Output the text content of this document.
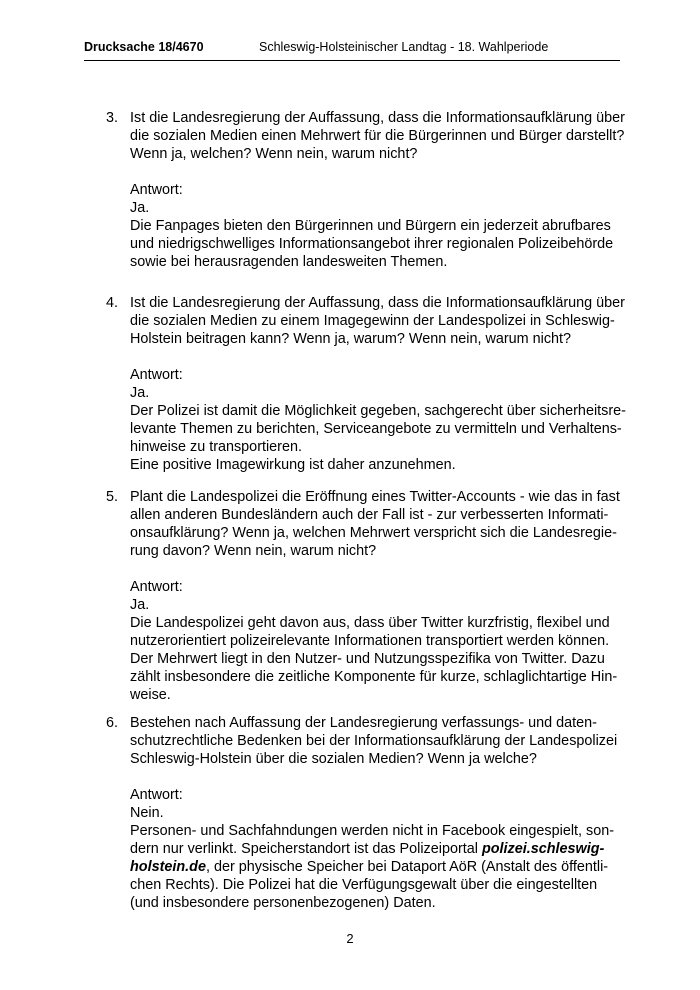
Drucksache 18/4670	Schleswig-Holsteinischer Landtag - 18. Wahlperiode
3. Ist die Landesregierung der Auffassung, dass die Informationsaufklärung über

die sozialen Medien einen Mehrwert für die Bürgerinnen und Bürger darstellt?

Wenn ja, welchen? Wenn nein, warum nicht?

Antwort:

Ja.

Die Fanpages bieten den Bürgerinnen und Bürgern ein jederzeit abrufbares

und niedrigschwelliges Informationsangebot ihrer regionalen Polizeibehörde

sowie bei herausragenden landesweiten Themen.

4. Ist die Landesregierung der Auffassung, dass die Informationsaufklärung über

die sozialen Medien zu einem Imagegewinn der Landespolizei in Schleswig-

Holstein beitragen kann? Wenn ja, warum? Wenn nein, warum nicht?

Antwort:

Ja.

Der Polizei ist damit die Möglichkeit gegeben, sachgerecht über sicherheitsre-

levante Themen zu berichten, Serviceangebote zu vermitteln und Verhaltens-

hinweise zu transportieren.

Eine positive Imagewirkung ist daher anzunehmen.

5. Plant die Landespolizei die Eröffnung eines Twitter-Accounts - wie das in fast

allen anderen Bundesländern auch der Fall ist - zur verbesserten Informati-

onsaufklärung? Wenn ja, welchen Mehrwert verspricht sich die Landesregie-

rung davon? Wenn nein, warum nicht?

Antwort:

Ja.

Die Landespolizei geht davon aus, dass über Twitter kurzfristig, flexibel und

nutzerorientiert polizeirelevante Informationen transportiert werden können.

Der Mehrwert liegt in den Nutzer- und Nutzungsspezifika von Twitter. Dazu

zählt insbesondere die zeitliche Komponente für kurze, schlaglichtartige Hin-

weise.

6. Bestehen nach Auffassung der Landesregierung verfassungs- und daten-

schutzrechtliche Bedenken bei der Informationsaufklärung der Landespolizei

Schleswig-Holstein über die sozialen Medien? Wenn ja welche?

Antwort:

Nein.

Personen- und Sachfahndungen werden nicht in Facebook eingespielt, son-

dern nur verlinkt. Speicherstandort ist das Polizeiportal polizei.schleswig-

holstein.de, der physische Speicher bei Dataport AöR (Anstalt des öffentli-

chen Rechts). Die Polizei hat die Verfügungsgewalt über die eingestellten

(und insbesondere personenbezogenen) Daten.

2
